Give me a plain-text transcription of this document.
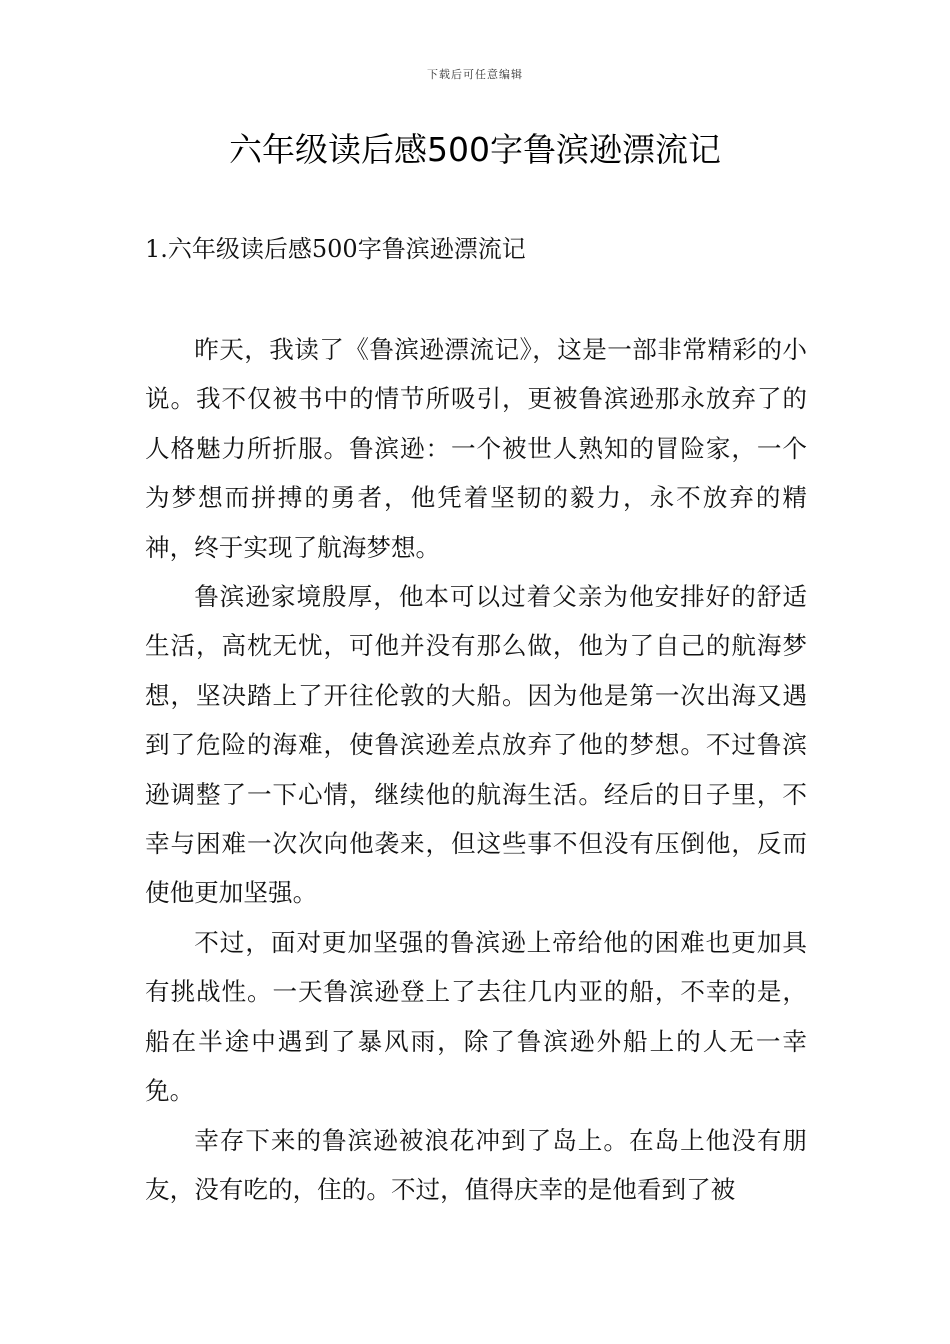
下载后可任意编辑
六年级读后感500字鲁滨逊漂流记
1.六年级读后感500字鲁滨逊漂流记

昨天，我读了《鲁滨逊漂流记》，这是一部非常精彩的小说。我不仅被书中的情节所吸引，更被鲁滨逊那永放弃了的人格魅力所折服。鲁滨逊：一个被世人熟知的冒险家，一个为梦想而拼搏的勇者，他凭着坚韧的毅力，永不放弃的精神，终于实现了航海梦想。

鲁滨逊家境殷厚，他本可以过着父亲为他安排好的舒适生活，高枕无忧，可他并没有那么做，他为了自己的航海梦想，坚决踏上了开往伦敦的大船。因为他是第一次出海又遇到了危险的海难，使鲁滨逊差点放弃了他的梦想。不过鲁滨逊调整了一下心情，继续他的航海生活。经后的日子里，不幸与困难一次次向他袭来，但这些事不但没有压倒他，反而使他更加坚强。

不过，面对更加坚强的鲁滨逊上帝给他的困难也更加具有挑战性。一天鲁滨逊登上了去往几内亚的船，不幸的是，船在半途中遇到了暴风雨，除了鲁滨逊外船上的人无一幸免。

幸存下来的鲁滨逊被浪花冲到了岛上。在岛上他没有朋友，没有吃的，住的。不过，值得庆幸的是他看到了被
